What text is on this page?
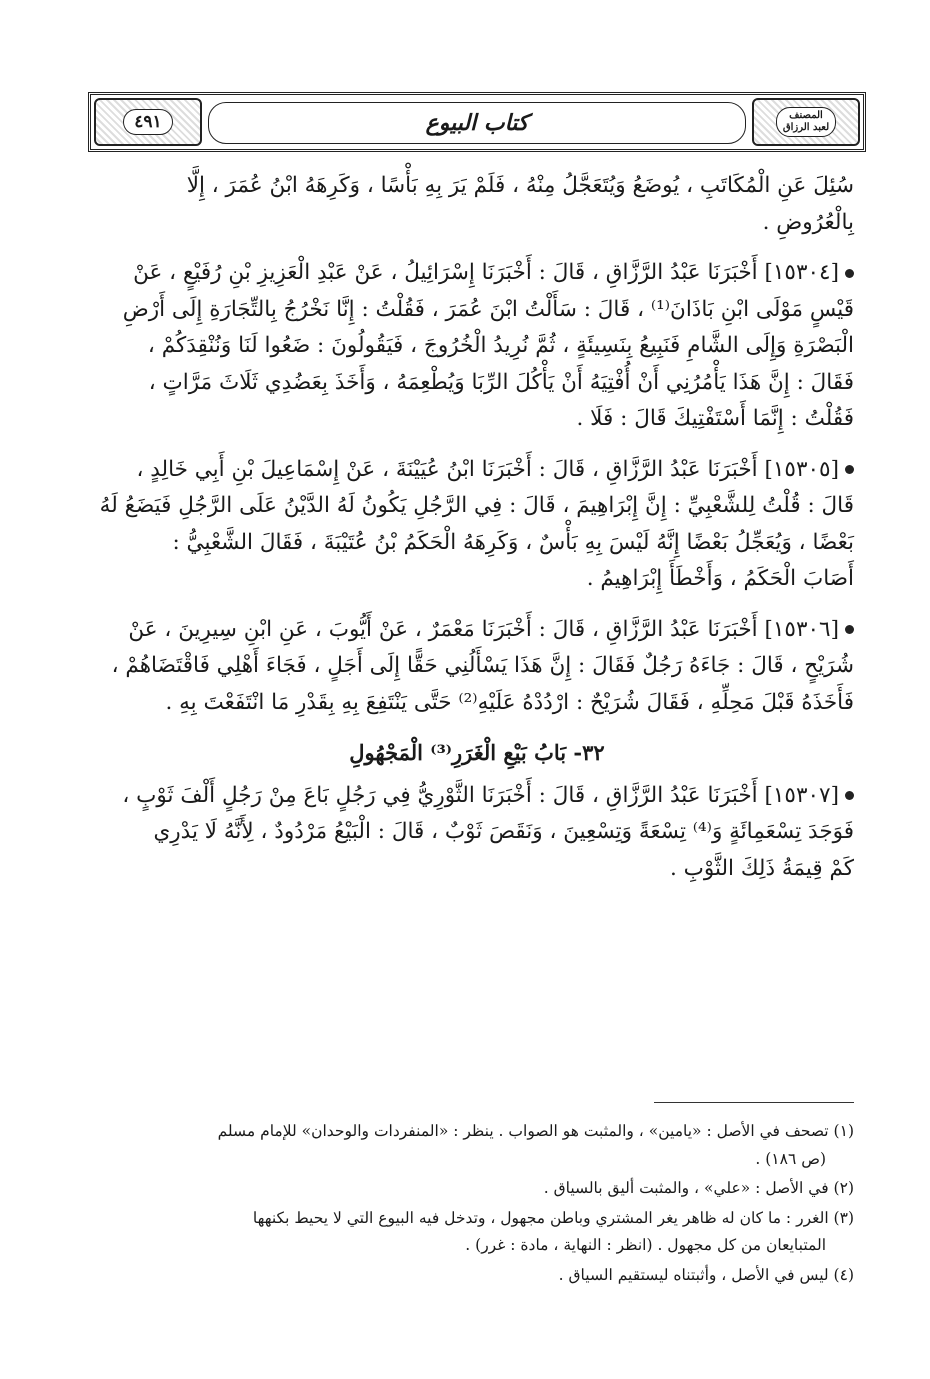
٤٩١	كتاب البيوع	المصنف
لعبد الرزاق

سُئِلَ عَنِ الْمُكَاتَبِ ، يُوضَعُ وَيُتَعَجَّلُ مِنْهُ ، فَلَمْ يَرَ بِهِ بَأْسًا ، وَكَرِهَهُ ابْنُ عُمَرَ ، إِلَّا
بِالْعُرُوضِ .

[١٥٣٠٤] أَخْبَرَنَا عَبْدُ الرَّزَّاقِ ، قَالَ : أَخْبَرَنَا إِسْرَائِيلُ ، عَنْ عَبْدِ الْعَزِيزِ بْنِ رُفَيْعٍ ، عَنْ
قَيْسٍ مَوْلَى ابْنِ بَاذَانَ⁽¹⁾ ، قَالَ : سَأَلْتُ ابْنَ عُمَرَ ، فَقُلْتُ : إِنَّا نَخْرُجُ بِالتِّجَارَةِ إِلَى أَرْضِ
الْبَصْرَةِ وَإِلَى الشَّامِ فَنَبِيعُ بِنَسِيئَةٍ ، ثُمَّ نُرِيدُ الْخُرُوجَ ، فَيَقُولُونَ : ضَعُوا لَنَا وَنُنْقِدَكُمْ ،
فَقَالَ : إِنَّ هَذَا يَأْمُرُنِي أَنْ أُفْتِيَهُ أَنْ يَأْكُلَ الرِّبَا وَيُطْعِمَهُ ، وَأَخَذَ بِعَضُدِي ثَلَاثَ مَرَّاتٍ ،
فَقُلْتُ : إِنَّمَا أَسْتَفْتِيكَ قَالَ : فَلَا .

[١٥٣٠٥] أَخْبَرَنَا عَبْدُ الرَّزَّاقِ ، قَالَ : أَخْبَرَنَا ابْنُ عُيَيْنَةَ ، عَنْ إِسْمَاعِيلَ بْنِ أَبِي خَالِدٍ ،
قَالَ : قُلْتُ لِلشَّعْبِيِّ : إِنَّ إِبْرَاهِيمَ ، قَالَ : فِي الرَّجُلِ يَكُونُ لَهُ الدَّيْنُ عَلَى الرَّجُلِ فَيَضَعُ لَهُ
بَعْضًا ، وَيُعَجِّلُ بَعْضًا إِنَّهُ لَيْسَ بِهِ بَأْسٌ ، وَكَرِهَهُ الْحَكَمُ بْنُ عُتَيْبَةَ ، فَقَالَ الشَّعْبِيُّ :
أَصَابَ الْحَكَمُ ، وَأَخْطَأَ إِبْرَاهِيمُ .

[١٥٣٠٦] أَخْبَرَنَا عَبْدُ الرَّزَّاقِ ، قَالَ : أَخْبَرَنَا مَعْمَرٌ ، عَنْ أَيُّوبَ ، عَنِ ابْنِ سِيرِينَ ، عَنْ
شُرَيْحٍ ، قَالَ : جَاءَهُ رَجُلٌ فَقَالَ : إِنَّ هَذَا يَسْأَلُنِي حَقًّا إِلَى أَجَلٍ ، فَجَاءَ أَهْلِي فَاقْتَضَاهُمْ ،
فَأَخَذَهُ قَبْلَ مَحِلِّهِ ، فَقَالَ شُرَيْحٌ : ارْدُدْهُ عَلَيْهِ⁽²⁾ حَتَّى يَنْتَفِعَ بِهِ بِقَدْرِ مَا انْتَفَعْتَ بِهِ .

٣٢- بَابُ بَيْعِ الْغَرَرِ⁽³⁾ الْمَجْهُولِ

[١٥٣٠٧] أَخْبَرَنَا عَبْدُ الرَّزَّاقِ ، قَالَ : أَخْبَرَنَا الثَّوْرِيُّ فِي رَجُلٍ بَاعَ مِنْ رَجُلٍ أَلْفَ ثَوْبٍ ،
فَوَجَدَ تِسْعَمِائَةٍ وَ⁽⁴⁾ تِسْعَةً وَتِسْعِينَ ، وَنَقَصَ ثَوْبٌ ، قَالَ : الْبَيْعُ مَرْدُودٌ ، لِأَنَّهُ لَا يَدْرِي
كَمْ قِيمَةُ ذَلِكَ الثَّوْبِ .

(١) تصحف في الأصل : «يامين» ، والمثبت هو الصواب . ينظر : «المنفردات والوحدان» للإمام مسلم
(ص ١٨٦) .
(٢) في الأصل : «علي» ، والمثبت أليق بالسياق .
(٣) الغرر : ما كان له ظاهر يغر المشتري وباطن مجهول ، وتدخل فيه البيوع التي لا يحيط بكنهها
المتبايعان من كل مجهول . (انظر : النهاية ، مادة : غرر) .
(٤) ليس في الأصل ، وأثبتناه ليستقيم السياق .
